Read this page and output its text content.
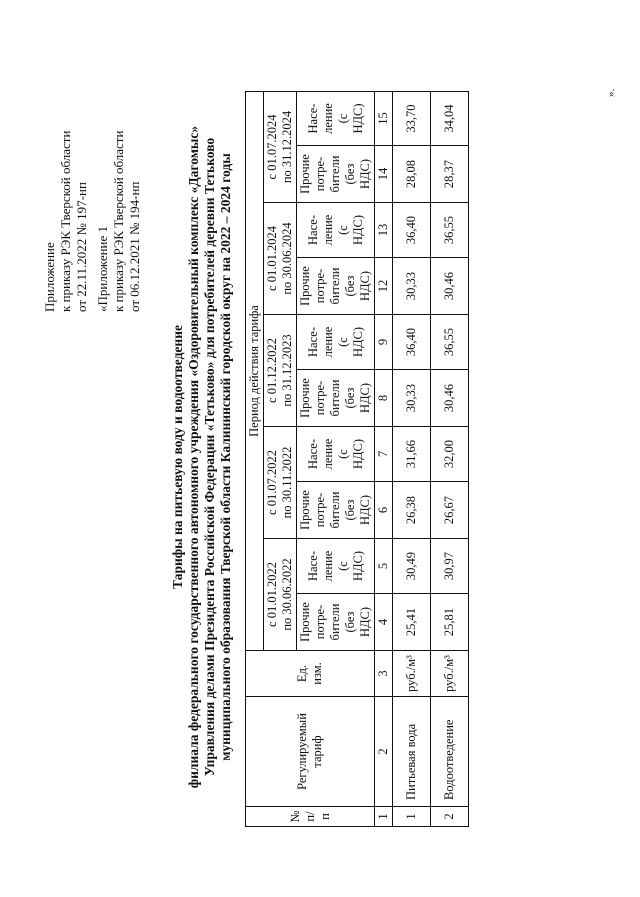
Приложение к приказу РЭК Тверской области от 22.11.2022 № 197-нп «Приложение 1 к приказу РЭК Тверской области от 06.12.2021 № 194-нп
Тарифы на питьевую воду и водоотведение филиала федерального государственного автономного учреждения «Оздоровительный комплекс «Дагомыс» Управления делами Президента Российской Федерации «Тетьково» для потребителей деревни Тетьково муниципального образования Тверской области Калининский городской округ на 2022 – 2024 годы
№ п/ п	Регулируемый тариф	Ед. изм.	Период действия тарифа									

			с 01.01.2022 по 30.06.2022		с 01.07.2022 по 30.11.2022		с 01.12.2022 по 31.12.2023		с 01.01.2024 по 30.06.2024		с 01.07.2024 по 31.12.2024	

			Прочие потре- бители (без НДС)	Насе- ление (с НДС)	Прочие потре- бители (без НДС)	Насе- ление (с НДС)	Прочие потре- бители (без НДС)	Насе- ление (с НДС)	Прочие потре- бители (без НДС)	Насе- ление (с НДС)	Прочие потре- бители (без НДС)	Насе- ление (с НДС)

1	2	3	4	5	6	7	8	9	12	13	14	15
1	Питьевая вода	руб./м³	25,41	30,49	26,38	31,66	30,33	36,40	30,33	36,40	28,08	33,70
2	Водоотведение	руб./м³	25,81	30,97	26,67	32,00	30,46	36,55	30,46	36,55	28,37	34,04
».
